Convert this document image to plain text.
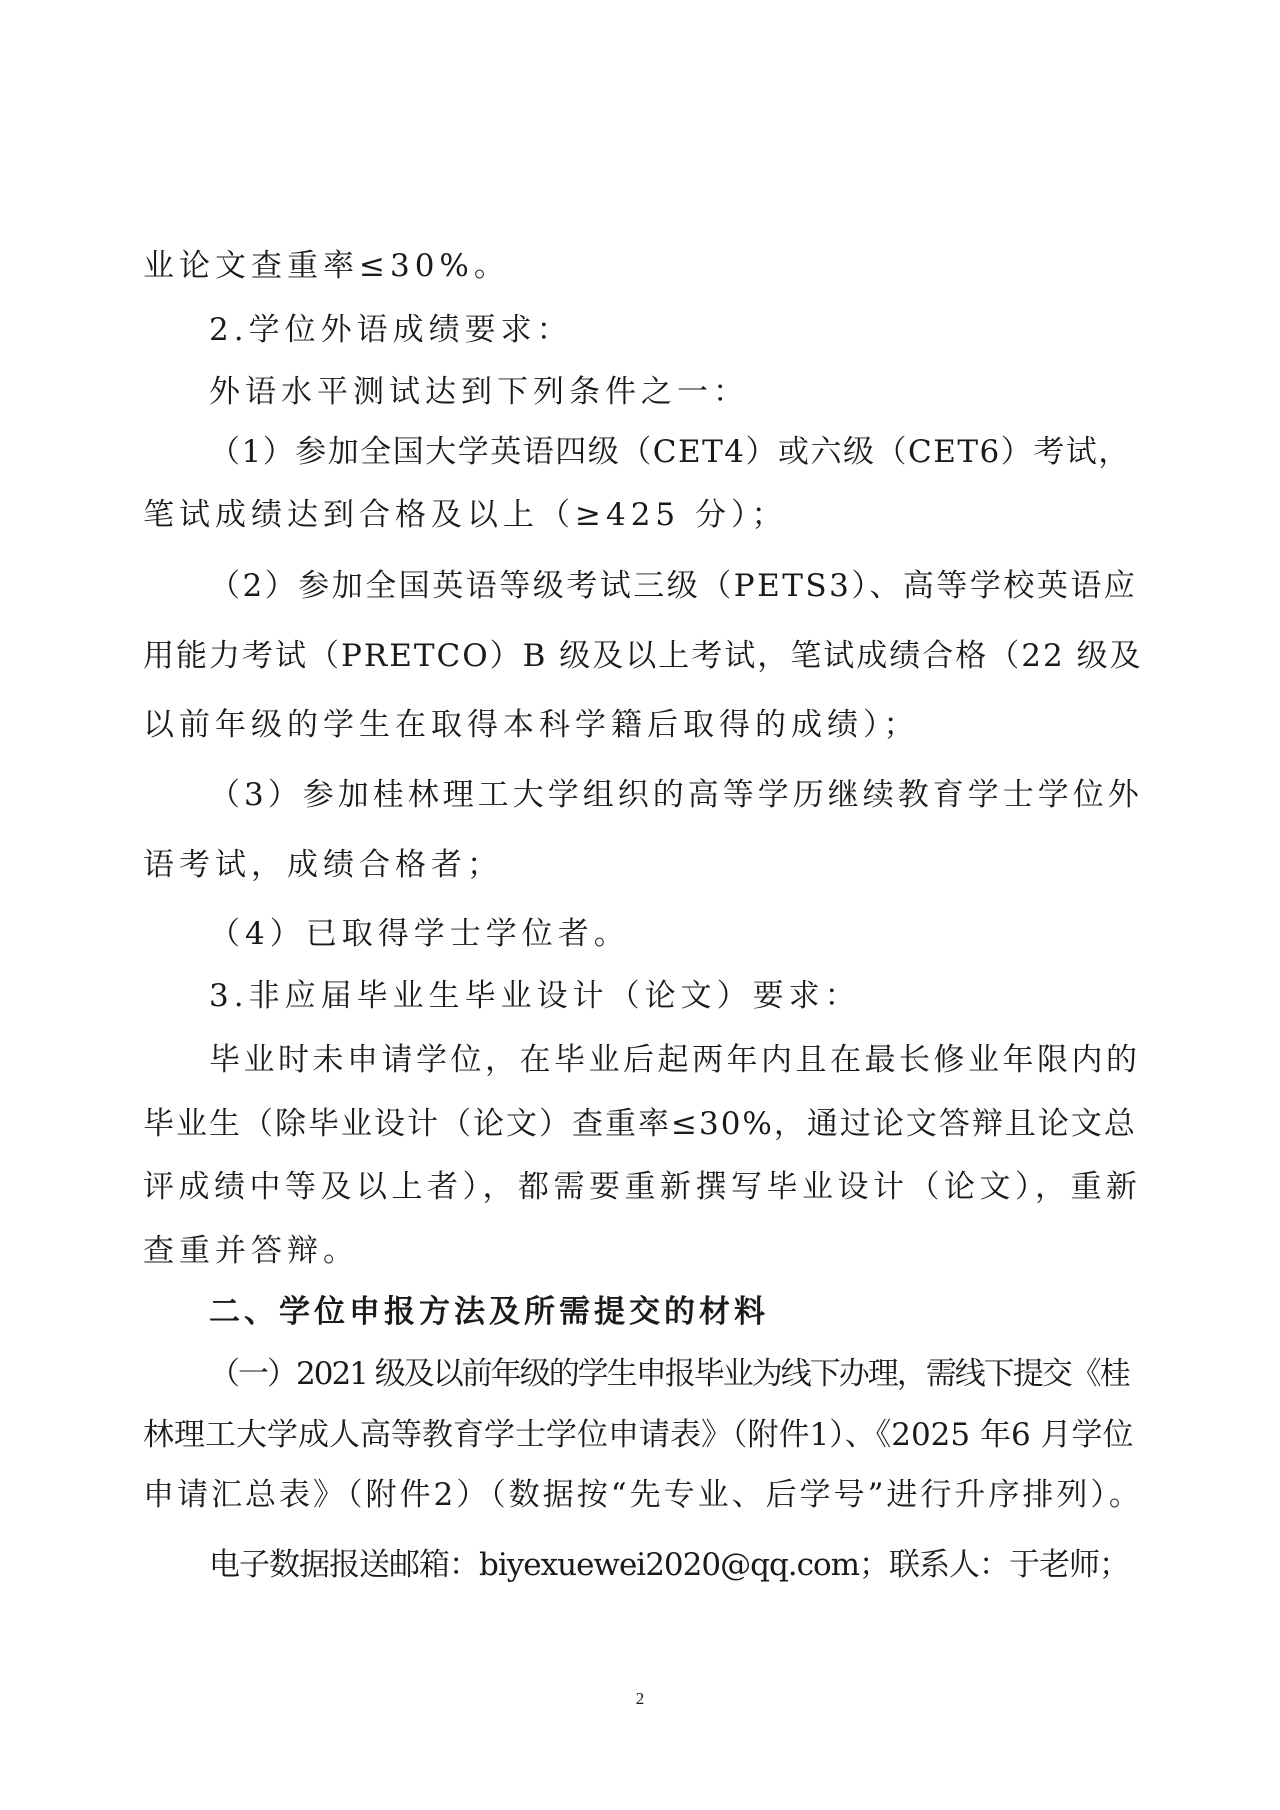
业论文查重率≤30%。
2.学位外语成绩要求：
外语水平测试达到下列条件之一：
（1）参加全国大学英语四级（CET4）或六级（CET6）考试，
笔试成绩达到合格及以上（≥425 分）；
（2）参加全国英语等级考试三级（PETS3）、高等学校英语应
用能力考试（PRETCO）B 级及以上考试，笔试成绩合格（22 级及
以前年级的学生在取得本科学籍后取得的成绩）；
（3）参加桂林理工大学组织的高等学历继续教育学士学位外
语考试，成绩合格者；
（4）已取得学士学位者。
3.非应届毕业生毕业设计（论文）要求：
毕业时未申请学位，在毕业后起两年内且在最长修业年限内的
毕业生（除毕业设计（论文）查重率≤30%，通过论文答辩且论文总
评成绩中等及以上者），都需要重新撰写毕业设计（论文），重新
查重并答辩。
二、学位申报方法及所需提交的材料
（一）2021 级及以前年级的学生申报毕业为线下办理，需线下提交《桂
林理工大学成人高等教育学士学位申请表》（附件1）、《2025 年6 月学位
申请汇总表》（附件2）（数据按“先专业、后学号”进行升序排列）。
电子数据报送邮箱：biyexuewei2020@qq.com；联系人：于老师；
2
